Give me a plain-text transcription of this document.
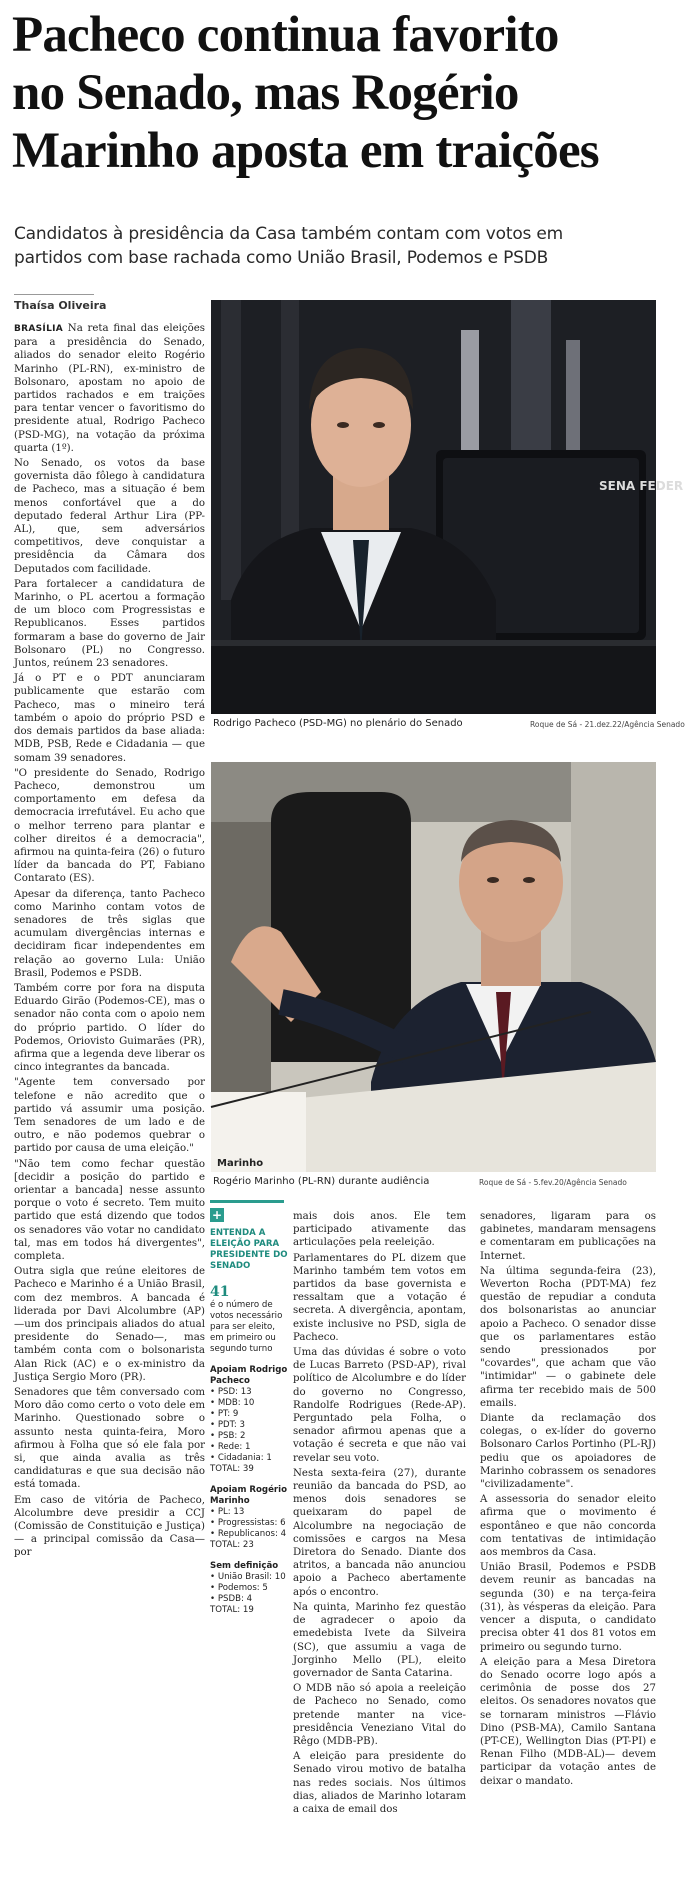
Pacheco continua favorito
no Senado, mas Rogério
Marinho aposta em traições
Candidatos à presidência da Casa também contam com votos em
partidos com base rachada como União Brasil, Podemos e PSDB
Thaísa Oliveira

BRASÍLIA Na reta final das eleições para a presidência do Senado, aliados do senador eleito Rogério Marinho (PL-RN), ex-ministro de Bolsonaro, apostam no apoio de partidos rachados e em traições para tentar vencer o favoritismo do presidente atual, Rodrigo Pacheco (PSD-MG), na votação da próxima quarta (1º).

No Senado, os votos da base governista dão fôlego à candidatura de Pacheco, mas a situação é bem menos confortável que a do deputado federal Arthur Lira (PP-AL), que, sem adversários competitivos, deve conquistar a presidência da Câmara dos Deputados com facilidade.

Para fortalecer a candidatura de Marinho, o PL acertou a formação de um bloco com Progressistas e Republicanos. Esses partidos formaram a base do governo de Jair Bolsonaro (PL) no Congresso. Juntos, reúnem 23 senadores.

Já o PT e o PDT anunciaram publicamente que estarão com Pacheco, mas o mineiro terá também o apoio do próprio PSD e dos demais partidos da base aliada: MDB, PSB, Rede e Cidadania — que somam 39 senadores.

"O presidente do Senado, Rodrigo Pacheco, demonstrou um comportamento em defesa da democracia irrefutável. Eu acho que o melhor terreno para plantar e colher direitos é a democracia", afirmou na quinta-feira (26) o futuro líder da bancada do PT, Fabiano Contarato (ES).

Apesar da diferença, tanto Pacheco como Marinho contam votos de senadores de três siglas que acumulam divergências internas e decidiram ficar independentes em relação ao governo Lula: União Brasil, Podemos e PSDB.

Também corre por fora na disputa Eduardo Girão (Podemos-CE), mas o senador não conta com o apoio nem do próprio partido. O líder do Podemos, Oriovisto Guimarães (PR), afirma que a legenda deve liberar os cinco integrantes da bancada.

"Agente tem conversado por telefone e não acredito que o partido vá assumir uma posição. Tem senadores de um lado e de outro, e não podemos quebrar o partido por causa de uma eleição."

"Não tem como fechar questão [decidir a posição do partido e orientar a bancada] nesse assunto porque o voto é secreto. Tem muito partido que está dizendo que todos os senadores vão votar no candidato tal, mas em todos há divergentes", completa.

Outra sigla que reúne eleitores de Pacheco e Marinho é a União Brasil, com dez membros. A bancada é liderada por Davi Alcolumbre (AP) —um dos principais aliados do atual presidente do Senado—, mas também conta com o bolsonarista Alan Rick (AC) e o ex-ministro da Justiça Sergio Moro (PR).

Senadores que têm conversado com Moro dão como certo o voto dele em Marinho. Questionado sobre o assunto nesta quinta-feira, Moro afirmou à Folha que só ele fala por si, que ainda avalia as três candidaturas e que sua decisão não está tomada.

Em caso de vitória de Pacheco, Alcolumbre deve presidir a CCJ (Comissão de Constituição e Justiça) — a principal comissão da Casa— por

SENA FEDER
Rodrigo Pacheco (PSD-MG) no plenário do Senado	Roque de Sá - 21.dez.22/Agência Senado
Marinho
Rogério Marinho (PL-RN) durante audiência	Roque de Sá - 5.fev.20/Agência Senado
+
ENTENDA A ELEIÇÃO PARA PRESIDENTE DO SENADO
41
é o número de votos necessário para ser eleito, em primeiro ou segundo turno
Apoiam Rodrigo Pacheco
• PSD: 13
• MDB: 10
• PT: 9
• PDT: 3
• PSB: 2
• Rede: 1
• Cidadania: 1
TOTAL: 39
Apoiam Rogério Marinho
• PL: 13
• Progressistas: 6
• Republicanos: 4
TOTAL: 23
Sem definição
• União Brasil: 10
• Podemos: 5
• PSDB: 4
TOTAL: 19

mais dois anos. Ele tem participado ativamente das articulações pela reeleição.

Parlamentares do PL dizem que Marinho também tem votos em partidos da base governista e ressaltam que a votação é secreta. A divergência, apontam, existe inclusive no PSD, sigla de Pacheco.

Uma das dúvidas é sobre o voto de Lucas Barreto (PSD-AP), rival político de Alcolumbre e do líder do governo no Congresso, Randolfe Rodrigues (Rede-AP). Perguntado pela Folha, o senador afirmou apenas que a votação é secreta e que não vai revelar seu voto.

Nesta sexta-feira (27), durante reunião da bancada do PSD, ao menos dois senadores se queixaram do papel de Alcolumbre na negociação de comissões e cargos na Mesa Diretora do Senado. Diante dos atritos, a bancada não anunciou apoio a Pacheco abertamente após o encontro.

Na quinta, Marinho fez questão de agradecer o apoio da emedebista Ivete da Silveira (SC), que assumiu a vaga de Jorginho Mello (PL), eleito governador de Santa Catarina.

O MDB não só apoia a reeleição de Pacheco no Senado, como pretende manter na vice-presidência Veneziano Vital do Rêgo (MDB-PB).

A eleição para presidente do Senado virou motivo de batalha nas redes sociais. Nos últimos dias, aliados de Marinho lotaram a caixa de email dos

senadores, ligaram para os gabinetes, mandaram mensagens e comentaram em publicações na Internet.

Na última segunda-feira (23), Weverton Rocha (PDT-MA) fez questão de repudiar a conduta dos bolsonaristas ao anunciar apoio a Pacheco. O senador disse que os parlamentares estão sendo pressionados por "covardes", que acham que vão "intimidar" — o gabinete dele afirma ter recebido mais de 500 emails.

Diante da reclamação dos colegas, o ex-líder do governo Bolsonaro Carlos Portinho (PL-RJ) pediu que os apoiadores de Marinho cobrassem os senadores "civilizadamente".

A assessoria do senador eleito afirma que o movimento é espontâneo e que não concorda com tentativas de intimidação aos membros da Casa.

União Brasil, Podemos e PSDB devem reunir as bancadas na segunda (30) e na terça-feira (31), às vésperas da eleição. Para vencer a disputa, o candidato precisa obter 41 dos 81 votos em primeiro ou segundo turno.

A eleição para a Mesa Diretora do Senado ocorre logo após a cerimônia de posse dos 27 eleitos. Os senadores novatos que se tornaram ministros —Flávio Dino (PSB-MA), Camilo Santana (PT-CE), Wellington Dias (PT-PI) e Renan Filho (MDB-AL)— devem participar da votação antes de deixar o mandato.
